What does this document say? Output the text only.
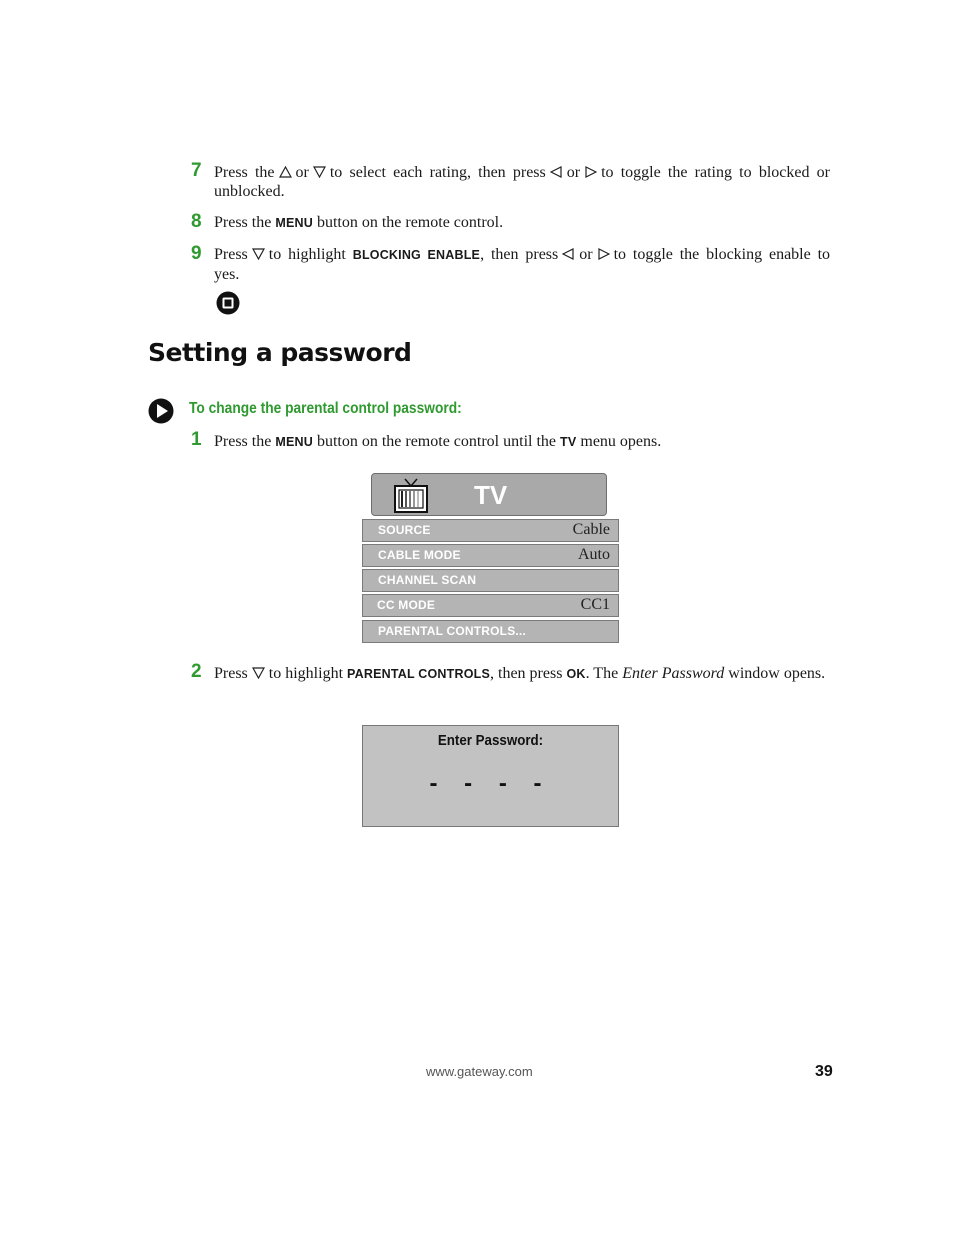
7 Press the or to select each rating, then press or to toggle the rating to blocked or unblocked.
8 Press the MENU button on the remote control.
9 Press to highlight BLOCKING ENABLE, then press or to toggle the blocking enable to yes.
Setting a password
To change the parental control password:
1 Press the MENU button on the remote control until the TV menu opens.
TV
SOURCE	Cable
CABLE MODE	Auto
CHANNEL SCAN
CC MODE	CC1
PARENTAL CONTROLS...
2 Press to highlight PARENTAL CONTROLS, then press OK. The Enter Password window opens.
Enter Password:
- - - -
www.gateway.com	39
